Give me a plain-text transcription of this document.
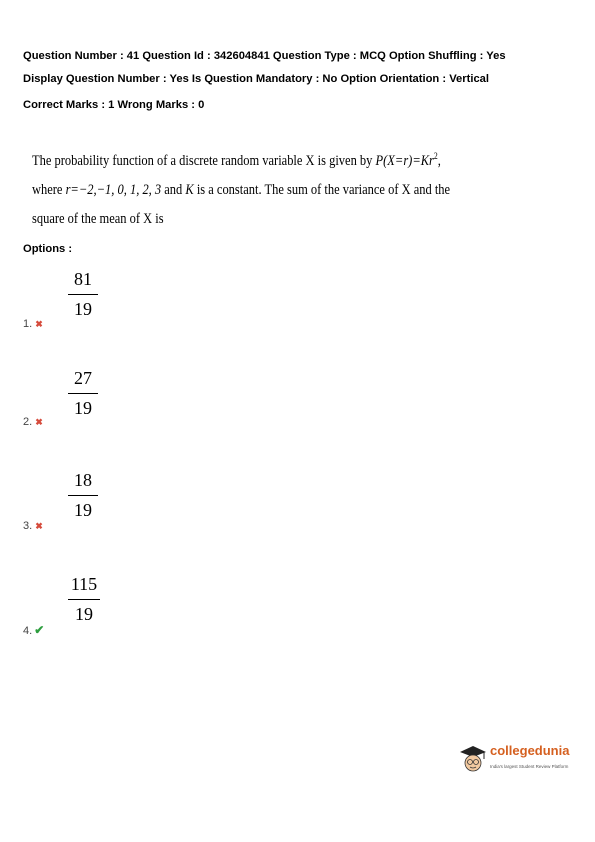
Question Number : 41 Question Id : 342604841 Question Type : MCQ Option Shuffling : Yes
Display Question Number : Yes Is Question Mandatory : No Option Orientation : Vertical
Correct Marks : 1 Wrong Marks : 0
The probability function of a discrete random variable X is given by $P(X=r)=Kr^2$,
where r=−2,−1, 0, 1, 2, 3 and K is a constant. The sum of the variance of X and the
square of the mean of X is
Options :
81
19
1. ✖
27
19
2. ✖
18
19
3. ✖
115
19
4. ✔
collegedunia
India's largest Student Review Platform
